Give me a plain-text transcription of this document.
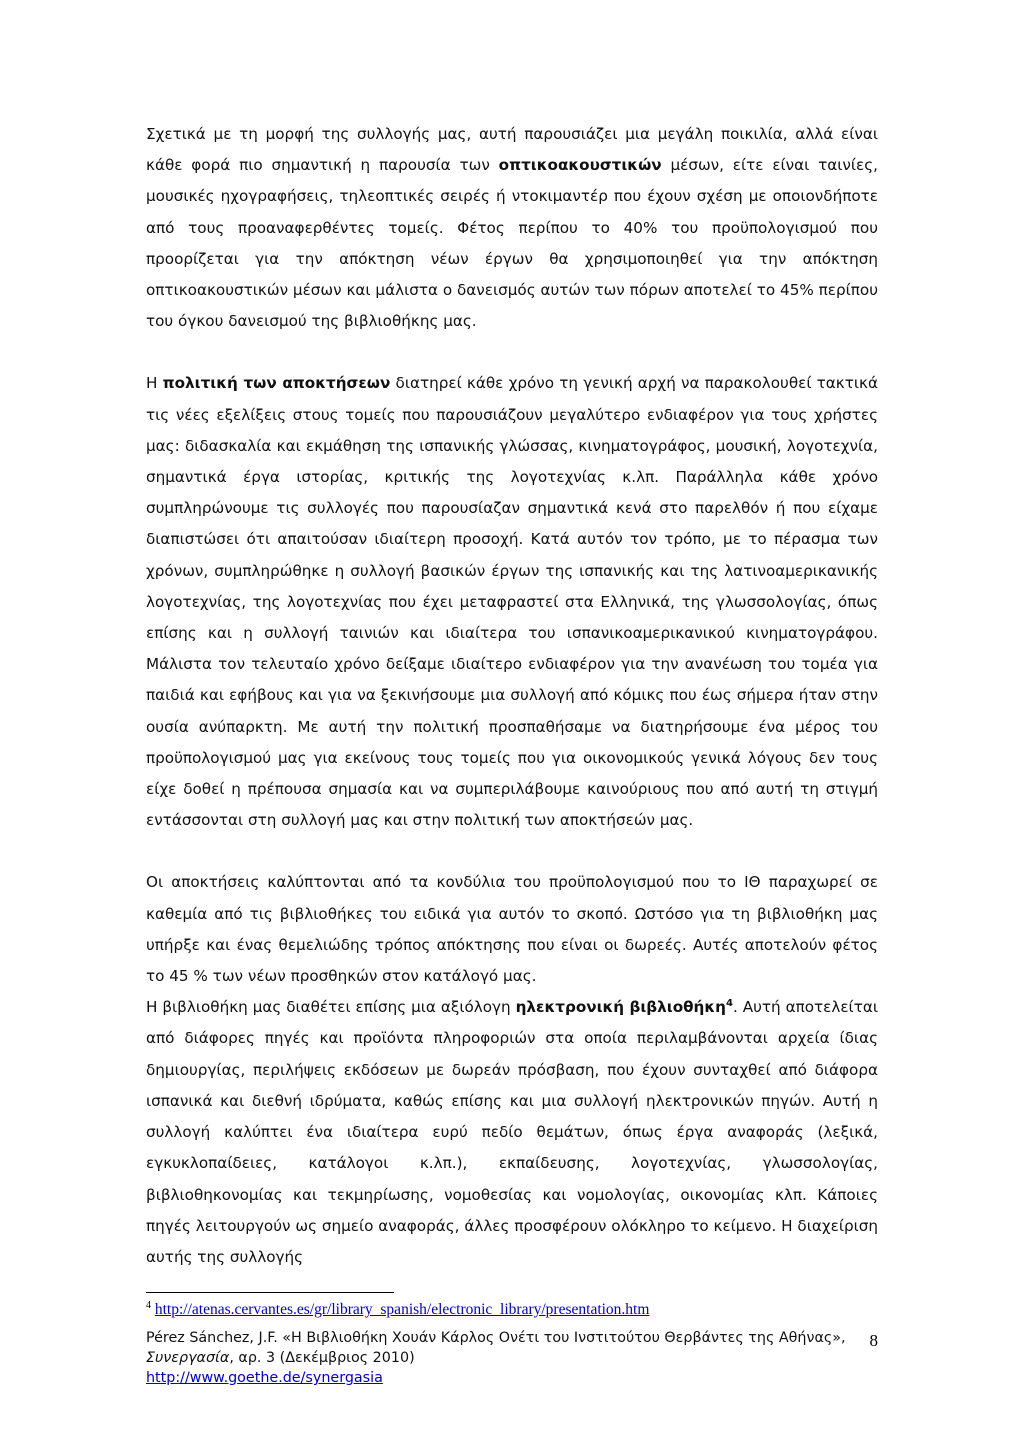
Σχετικά με τη μορφή της συλλογής μας, αυτή παρουσιάζει μια μεγάλη ποικιλία, αλλά είναι κάθε φορά πιο σημαντική η παρουσία των οπτικοακουστικών μέσων, είτε είναι ταινίες, μουσικές ηχογραφήσεις, τηλεοπτικές σειρές ή ντοκιμαντέρ που έχουν σχέση με οποιονδήποτε από τους προαναφερθέντες τομείς. Φέτος περίπου το 40% του προϋπολογισμού που προορίζεται για την απόκτηση νέων έργων θα χρησιμοποιηθεί για την απόκτηση οπτικοακουστικών μέσων και μάλιστα ο δανεισμός αυτών των πόρων αποτελεί το 45% περίπου του όγκου δανεισμού της βιβλιοθήκης μας.

Η πολιτική των αποκτήσεων διατηρεί κάθε χρόνο τη γενική αρχή να παρακολουθεί τακτικά τις νέες εξελίξεις στους τομείς που παρουσιάζουν μεγαλύτερο ενδιαφέρον για τους χρήστες μας: διδασκαλία και εκμάθηση της ισπανικής γλώσσας, κινηματογράφος, μουσική, λογοτεχνία, σημαντικά έργα ιστορίας, κριτικής της λογοτεχνίας κ.λπ. Παράλληλα κάθε χρόνο συμπληρώνουμε τις συλλογές που παρουσίαζαν σημαντικά κενά στο παρελθόν ή που είχαμε διαπιστώσει ότι απαιτούσαν ιδιαίτερη προσοχή. Κατά αυτόν τον τρόπο, με το πέρασμα των χρόνων, συμπληρώθηκε η συλλογή βασικών έργων της ισπανικής και της λατινοαμερικανικής λογοτεχνίας, της λογοτεχνίας που έχει μεταφραστεί στα Ελληνικά, της γλωσσολογίας, όπως επίσης και η συλλογή ταινιών και ιδιαίτερα του ισπανικοαμερικανικού κινηματογράφου. Μάλιστα τον τελευταίο χρόνο δείξαμε ιδιαίτερο ενδιαφέρον για την ανανέωση του τομέα για παιδιά και εφήβους και για να ξεκινήσουμε μια συλλογή από κόμικς που έως σήμερα ήταν στην ουσία ανύπαρκτη. Με αυτή την πολιτική προσπαθήσαμε να διατηρήσουμε ένα μέρος του προϋπολογισμού μας για εκείνους τους τομείς που για οικονομικούς γενικά λόγους δεν τους είχε δοθεί η πρέπουσα σημασία και να συμπεριλάβουμε καινούριους που από αυτή τη στιγμή εντάσσονται στη συλλογή μας και στην πολιτική των αποκτήσεών μας.

Οι αποκτήσεις καλύπτονται από τα κονδύλια του προϋπολογισμού που το ΙΘ παραχωρεί σε καθεμία από τις βιβλιοθήκες του ειδικά για αυτόν το σκοπό. Ωστόσο για τη βιβλιοθήκη μας υπήρξε και ένας θεμελιώδης τρόπος απόκτησης που είναι οι δωρεές. Αυτές αποτελούν φέτος το 45 % των νέων προσθηκών στον κατάλογό μας.

Η βιβλιοθήκη μας διαθέτει επίσης μια αξιόλογη ηλεκτρονική βιβλιοθήκη$^4$. Αυτή αποτελείται από διάφορες πηγές και προϊόντα πληροφοριών στα οποία περιλαμβάνονται αρχεία ίδιας δημιουργίας, περιλήψεις εκδόσεων με δωρεάν πρόσβαση, που έχουν συνταχθεί από διάφορα ισπανικά και διεθνή ιδρύματα, καθώς επίσης και μια συλλογή ηλεκτρονικών πηγών. Αυτή η συλλογή καλύπτει ένα ιδιαίτερα ευρύ πεδίο θεμάτων, όπως έργα αναφοράς (λεξικά, εγκυκλοπαίδειες, κατάλογοι κ.λπ.), εκπαίδευσης, λογοτεχνίας, γλωσσολογίας, βιβλιοθηκονομίας και τεκμηρίωσης, νομοθεσίας και νομολογίας, οικονομίας κλπ. Κάποιες πηγές λειτουργούν ως σημείο αναφοράς, άλλες προσφέρουν ολόκληρο το κείμενο. Η διαχείριση αυτής της συλλογής

$^4$ http://atenas.cervantes.es/gr/library_spanish/electronic_library/presentation.htm
Pérez Sánchez, J.F. «Η Βιβλιοθήκη Χουάν Κάρλος Ονέτι του Ινστιτούτου Θερβάντες της Αθήνας»,
Συνεργασία, αρ. 3 (Δεκέμβριος 2010)
http://www.goethe.de/synergasia
8
